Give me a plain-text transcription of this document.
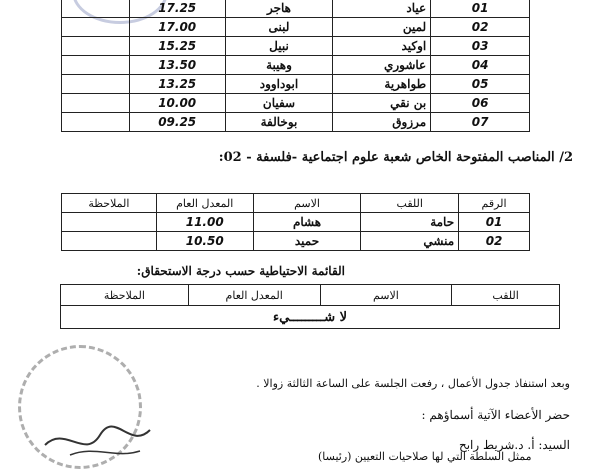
	17.25	هاجر	عياد	01
	17.00	لبنى	لمين	02
	15.25	نبيل	اوكيد	03
	13.50	وهيبة	عاشوري	04
	13.25	ابوداوود	طواهرية	05
	10.00	سفيان	بن نقي	06
	09.25	بوخالفة	مرزوق	07
2/ المناصب المفتوحة الخاص شعبة علوم اجتماعية -فلسفة - 02:
الملاحظة	المعدل العام	الاسم	اللقب	الرقم
	11.00	هشام	حامة	01
	10.50	حميد	منشي	02
القائمة الاحتياطية حسب درجة الاستحقاق:
الملاحظة	المعدل العام	الاسم	اللقب
لا شـــــــــيء
وبعد استنفاذ جدول الأعمال ، رفعت الجلسة على الساعة الثالثة زوالا .
حضر الأعضاء الآتية أسماؤهم :
السيد: أ. د.شريط رابح
ممثل السلطة التي لها صلاحيات التعيين (رئيسا)
